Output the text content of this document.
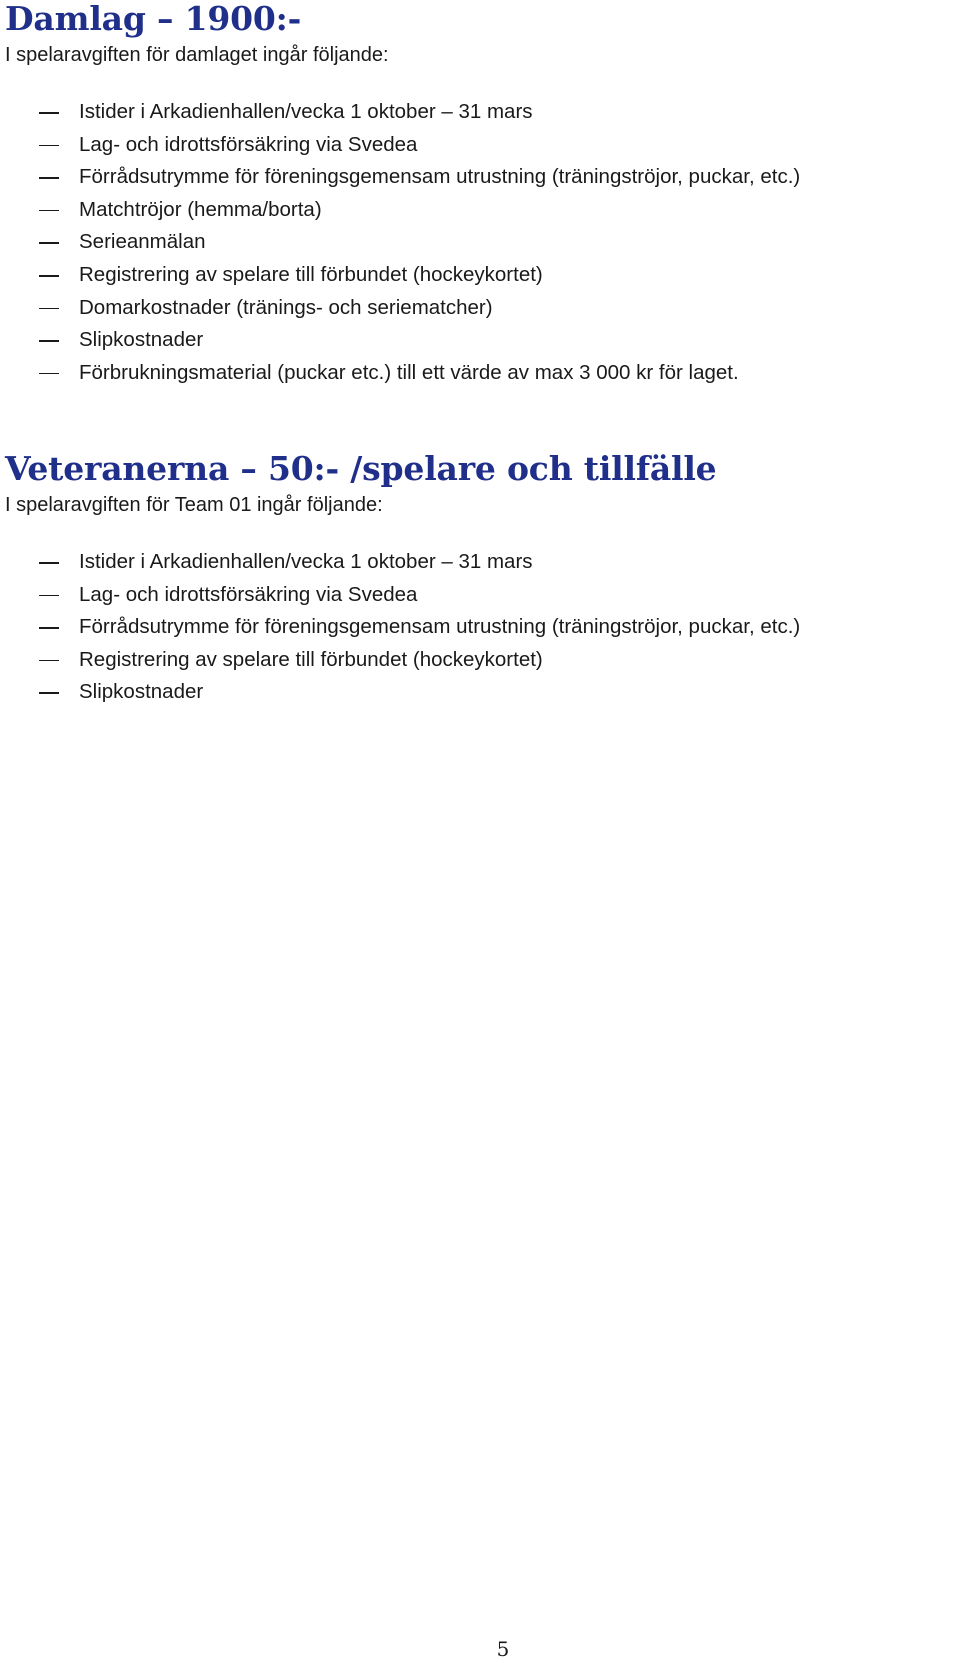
Damlag – 1900:-

I spelaravgiften för damlaget ingår följande:

Istider i Arkadienhallen/vecka 1 oktober – 31 mars
Lag- och idrottsförsäkring via Svedea
Förrådsutrymme för föreningsgemensam utrustning (träningströjor, puckar, etc.)
Matchtröjor (hemma/borta)
Serieanmälan
Registrering av spelare till förbundet (hockeykortet)
Domarkostnader (tränings- och seriematcher)
Slipkostnader
Förbrukningsmaterial (puckar etc.) till ett värde av max 3 000 kr för laget.
Veteranerna – 50:- /spelare och tillfälle

I spelaravgiften för Team 01 ingår följande:

Istider i Arkadienhallen/vecka 1 oktober – 31 mars
Lag- och idrottsförsäkring via Svedea
Förrådsutrymme för föreningsgemensam utrustning (träningströjor, puckar, etc.)
Registrering av spelare till förbundet (hockeykortet)
Slipkostnader
5
